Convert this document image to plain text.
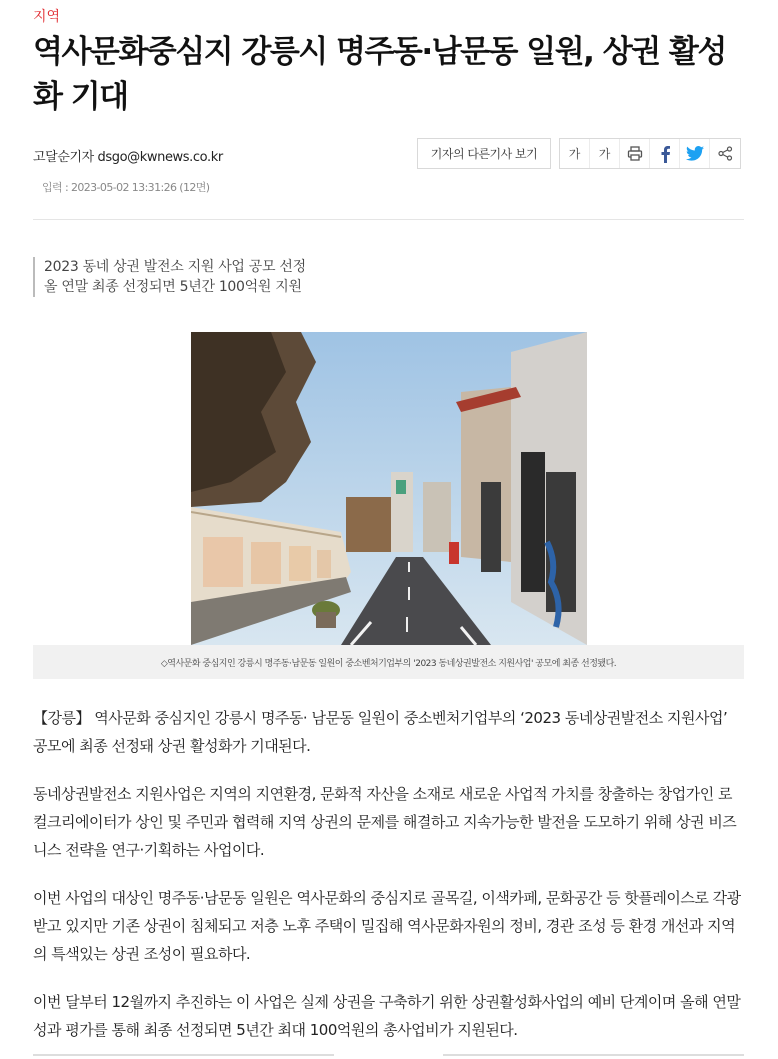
지역
역사문화중심지 강릉시 명주동·남문동 일원, 상권 활성화 기대
고달순기자 dsgo@kwnews.co.kr	기자의 다른기사 보기	가	가
입력 : 2023-05-02 13:31:26 (12면)
2023 동네 상권 발전소 지원 사업 공모 선정
올 연말 최종 선정되면 5년간 100억원 지원
◇역사문화 중심지인 강릉시 명주동·남문동 일원이 중소벤처기업부의 '2023 동네상권발전소 지원사업' 공모에 최종 선정됐다.

【강릉】 역사문화 중심지인 강릉시 명주동· 남문동 일원이 중소벤처기업부의 ‘2023 동네상권발전소 지원사업’ 공모에 최종 선정돼 상권 활성화가 기대된다.

동네상권발전소 지원사업은 지역의 지연환경, 문화적 자산을 소재로 새로운 사업적 가치를 창출하는 창업가인 로컬크리에이터가 상인 및 주민과 협력해 지역 상권의 문제를 해결하고 지속가능한 발전을 도모하기 위해 상권 비즈니스 전략을 연구·기획하는 사업이다.

이번 사업의 대상인 명주동·남문동 일원은 역사문화의 중심지로 골목길, 이색카페, 문화공간 등 핫플레이스로 각광받고 있지만 기존 상권이 침체되고 저층 노후 주택이 밀집해 역사문화자원의 정비, 경관 조성 등 환경 개선과 지역의 특색있는 상권 조성이 필요하다.

이번 달부터 12월까지 추진하는 이 사업은 실제 상권을 구축하기 위한 상권활성화사업의 예비 단계이며 올해 연말 성과 평가를 통해 최종 선정되면 5년간 최대 100억원의 총사업비가 지원된다.
